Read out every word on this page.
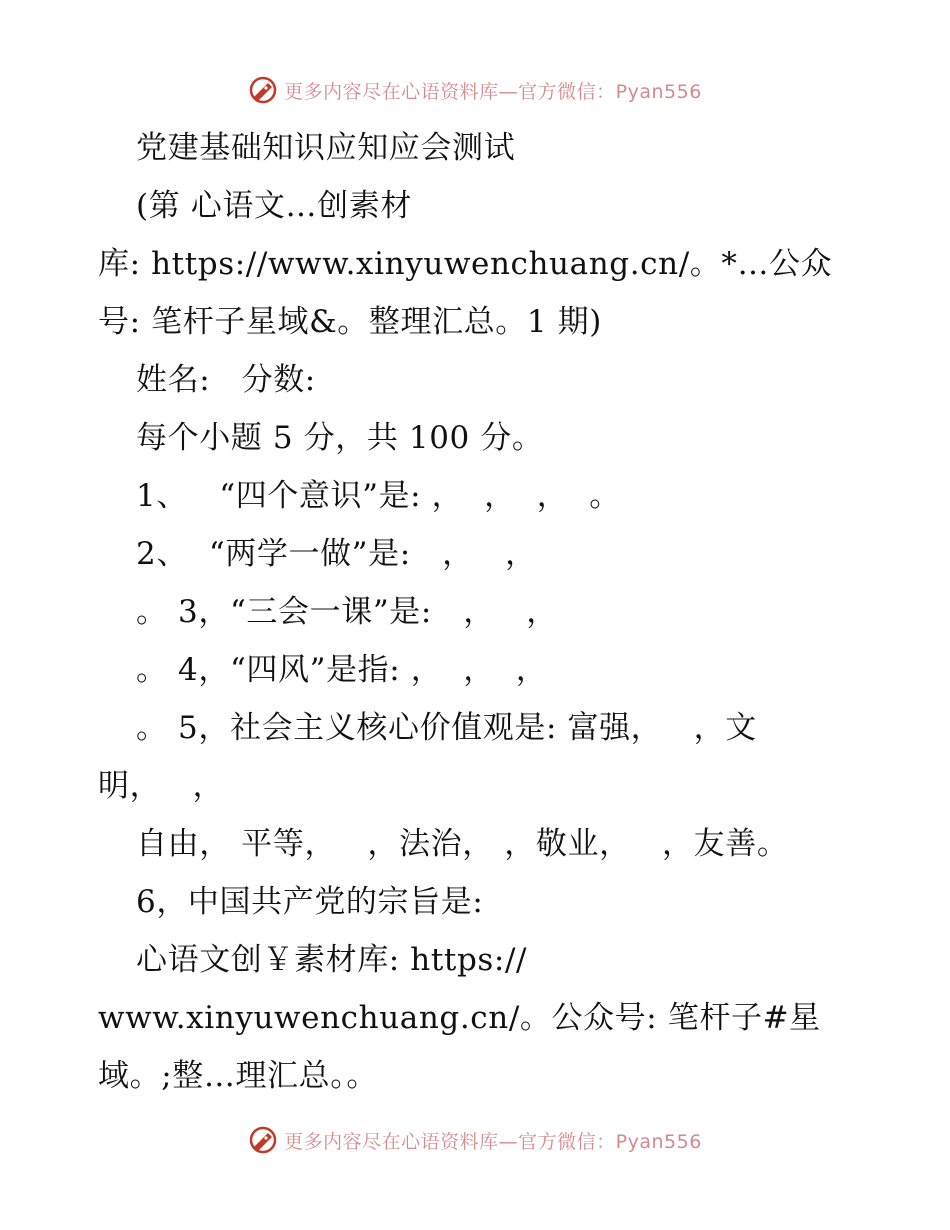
更多内容尽在心语资料库—官方微信：Pyan556
党建基础知识应知应会测试
(第 心语文…创素材
库: https://www.xinyuwenchuang.cn/。*…公众
号: 笔杆子星域&。整理汇总。1 期)
姓名:   分数:
每个小题 5 分，共 100 分。
1、   “四个意识”是: ，  ，  ，  。
2、  “两学一做”是:   ，   ，
。 3，“三会一课”是:   ，   ，
。 4，“四风”是指: ，  ，  ，
。 5，社会主义核心价值观是: 富强，   ，文
明，   ，
自由， 平等，   ，法治， ，敬业，   ，友善。
6，中国共产党的宗旨是:
心语文创￥素材库: https://
www.xinyuwenchuang.cn/。公众号: 笔杆子#星
域。;整…理汇总。。
更多内容尽在心语资料库—官方微信：Pyan556
